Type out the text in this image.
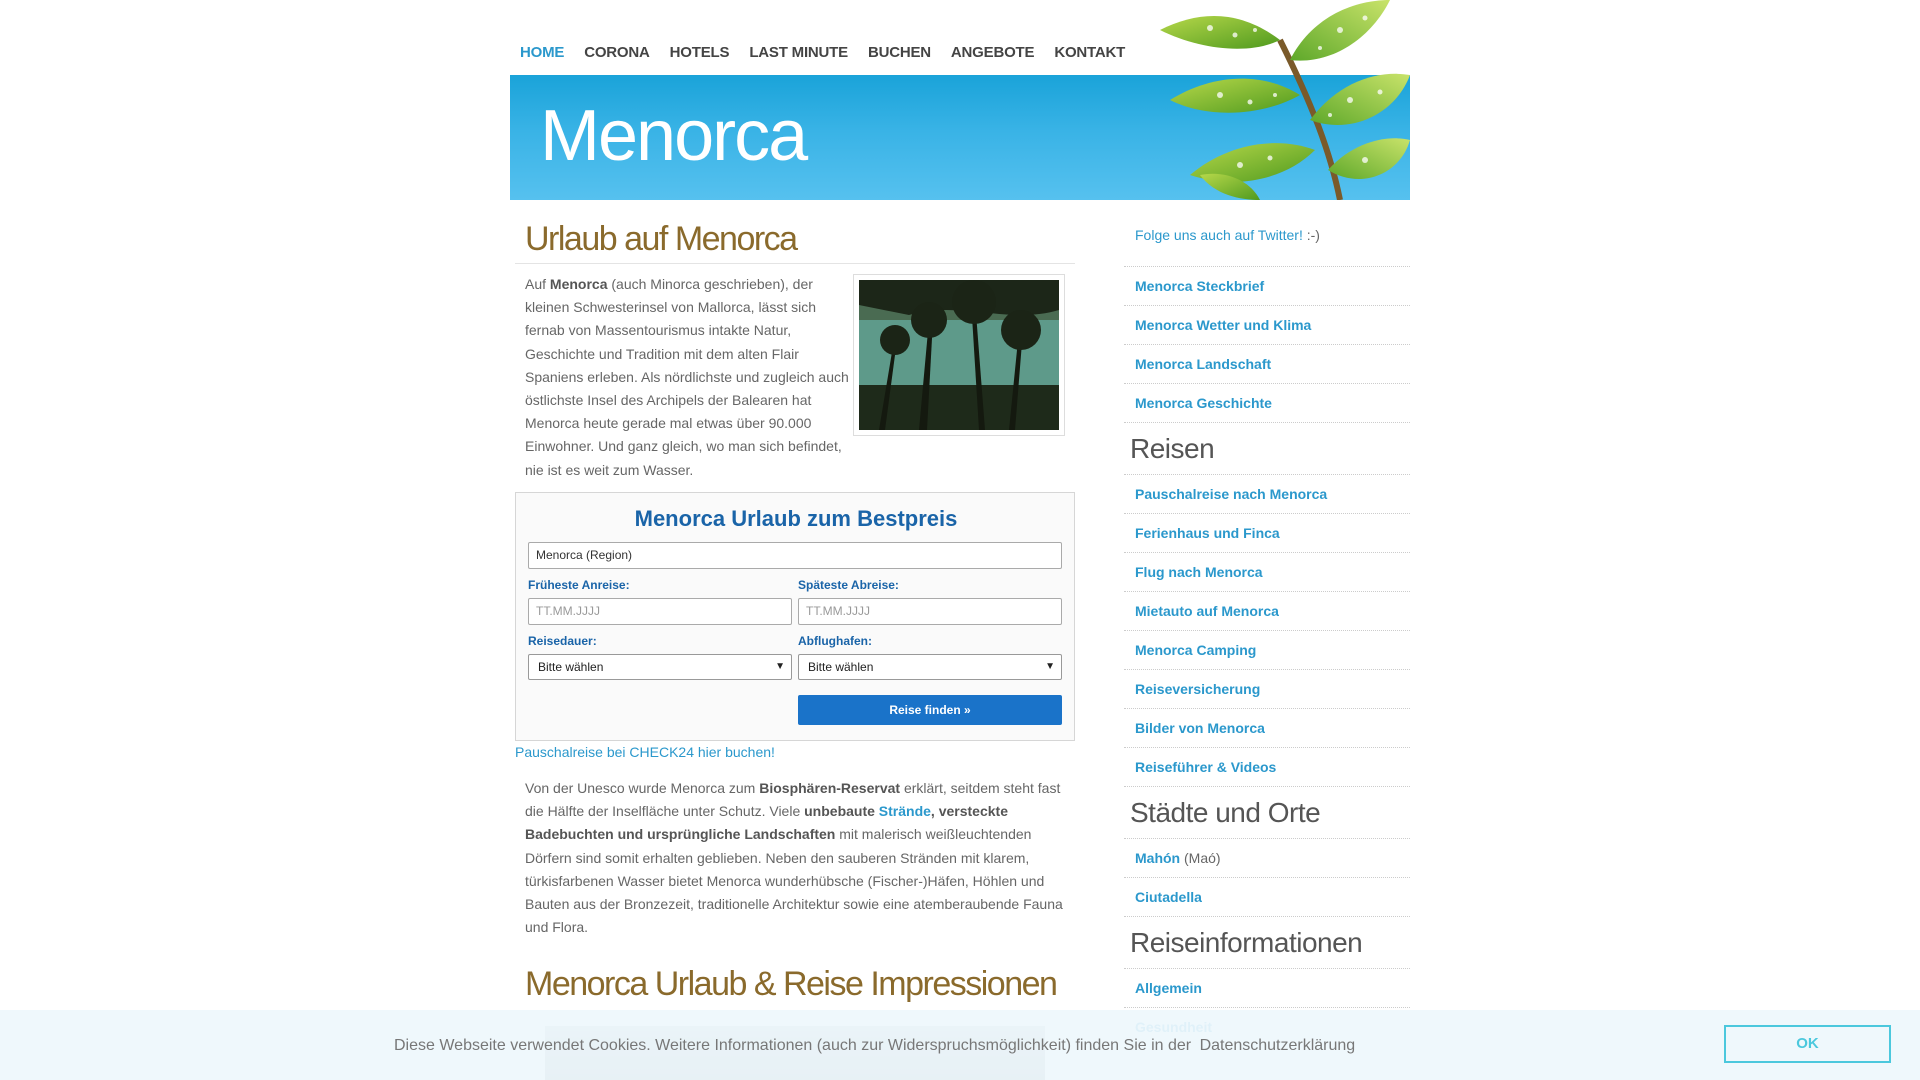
HOME CORONA HOTELS LAST MINUTE BUCHEN ANGEBOTE KONTAKT
Menorca
Urlaub auf Menorca

Auf Menorca (auch Minorca geschrieben), der kleinen Schwesterinsel von Mallorca, lässt sich fernab von Massentourismus intakte Natur, Geschichte und Tradition mit dem alten Flair Spaniens erleben. Als nördlichste und zugleich auch östlichste Insel des Archipels der Balearen hat Menorca heute gerade mal etwas über 90.000 Einwohner. Und ganz gleich, wo man sich befindet, nie ist es weit zum Wasser.

Menorca Urlaub zum Bestpreis
Menorca (Region)
Früheste Anreise:
TT.MM.JJJJ
Späteste Abreise:
TT.MM.JJJJ
Reisedauer:
Bitte wählen	▼
Abflughafen:
Bitte wählen	▼
Reise finden »
Pauschalreise bei CHECK24 hier buchen!

Von der Unesco wurde Menorca zum Biosphären-Reservat erklärt, seitdem steht fast die Hälfte der Inselfläche unter Schutz. Viele unbebaute Strände, versteckte Badebuchten und ursprüngliche Landschaften mit malerisch weißleuchtenden Dörfern sind somit erhalten geblieben. Neben den sauberen Stränden mit klarem, türkisfarbenen Wasser bietet Menorca wunderhübsche (Fischer-)Häfen, Höhlen und Bauten aus der Bronzezeit, traditionelle Architektur sowie eine atemberaubende Fauna und Flora.

Menorca Urlaub & Reise Impressionen
Folge uns auch auf Twitter! :-)
Menorca Steckbrief
Menorca Wetter und Klima
Menorca Landschaft
Menorca Geschichte
Reisen
Pauschalreise nach Menorca
Ferienhaus und Finca
Flug nach Menorca
Mietauto auf Menorca
Menorca Camping
Reiseversicherung
Bilder von Menorca
Reiseführer & Videos
Städte und Orte
Mahón (Maó)
Ciutadella
Reiseinformationen
Allgemein
Diese Webseite verwendet Cookies. Weitere Informationen (auch zur Widerspruchsmöglichkeit) finden Sie in der Datenschutzerklärung	OK
